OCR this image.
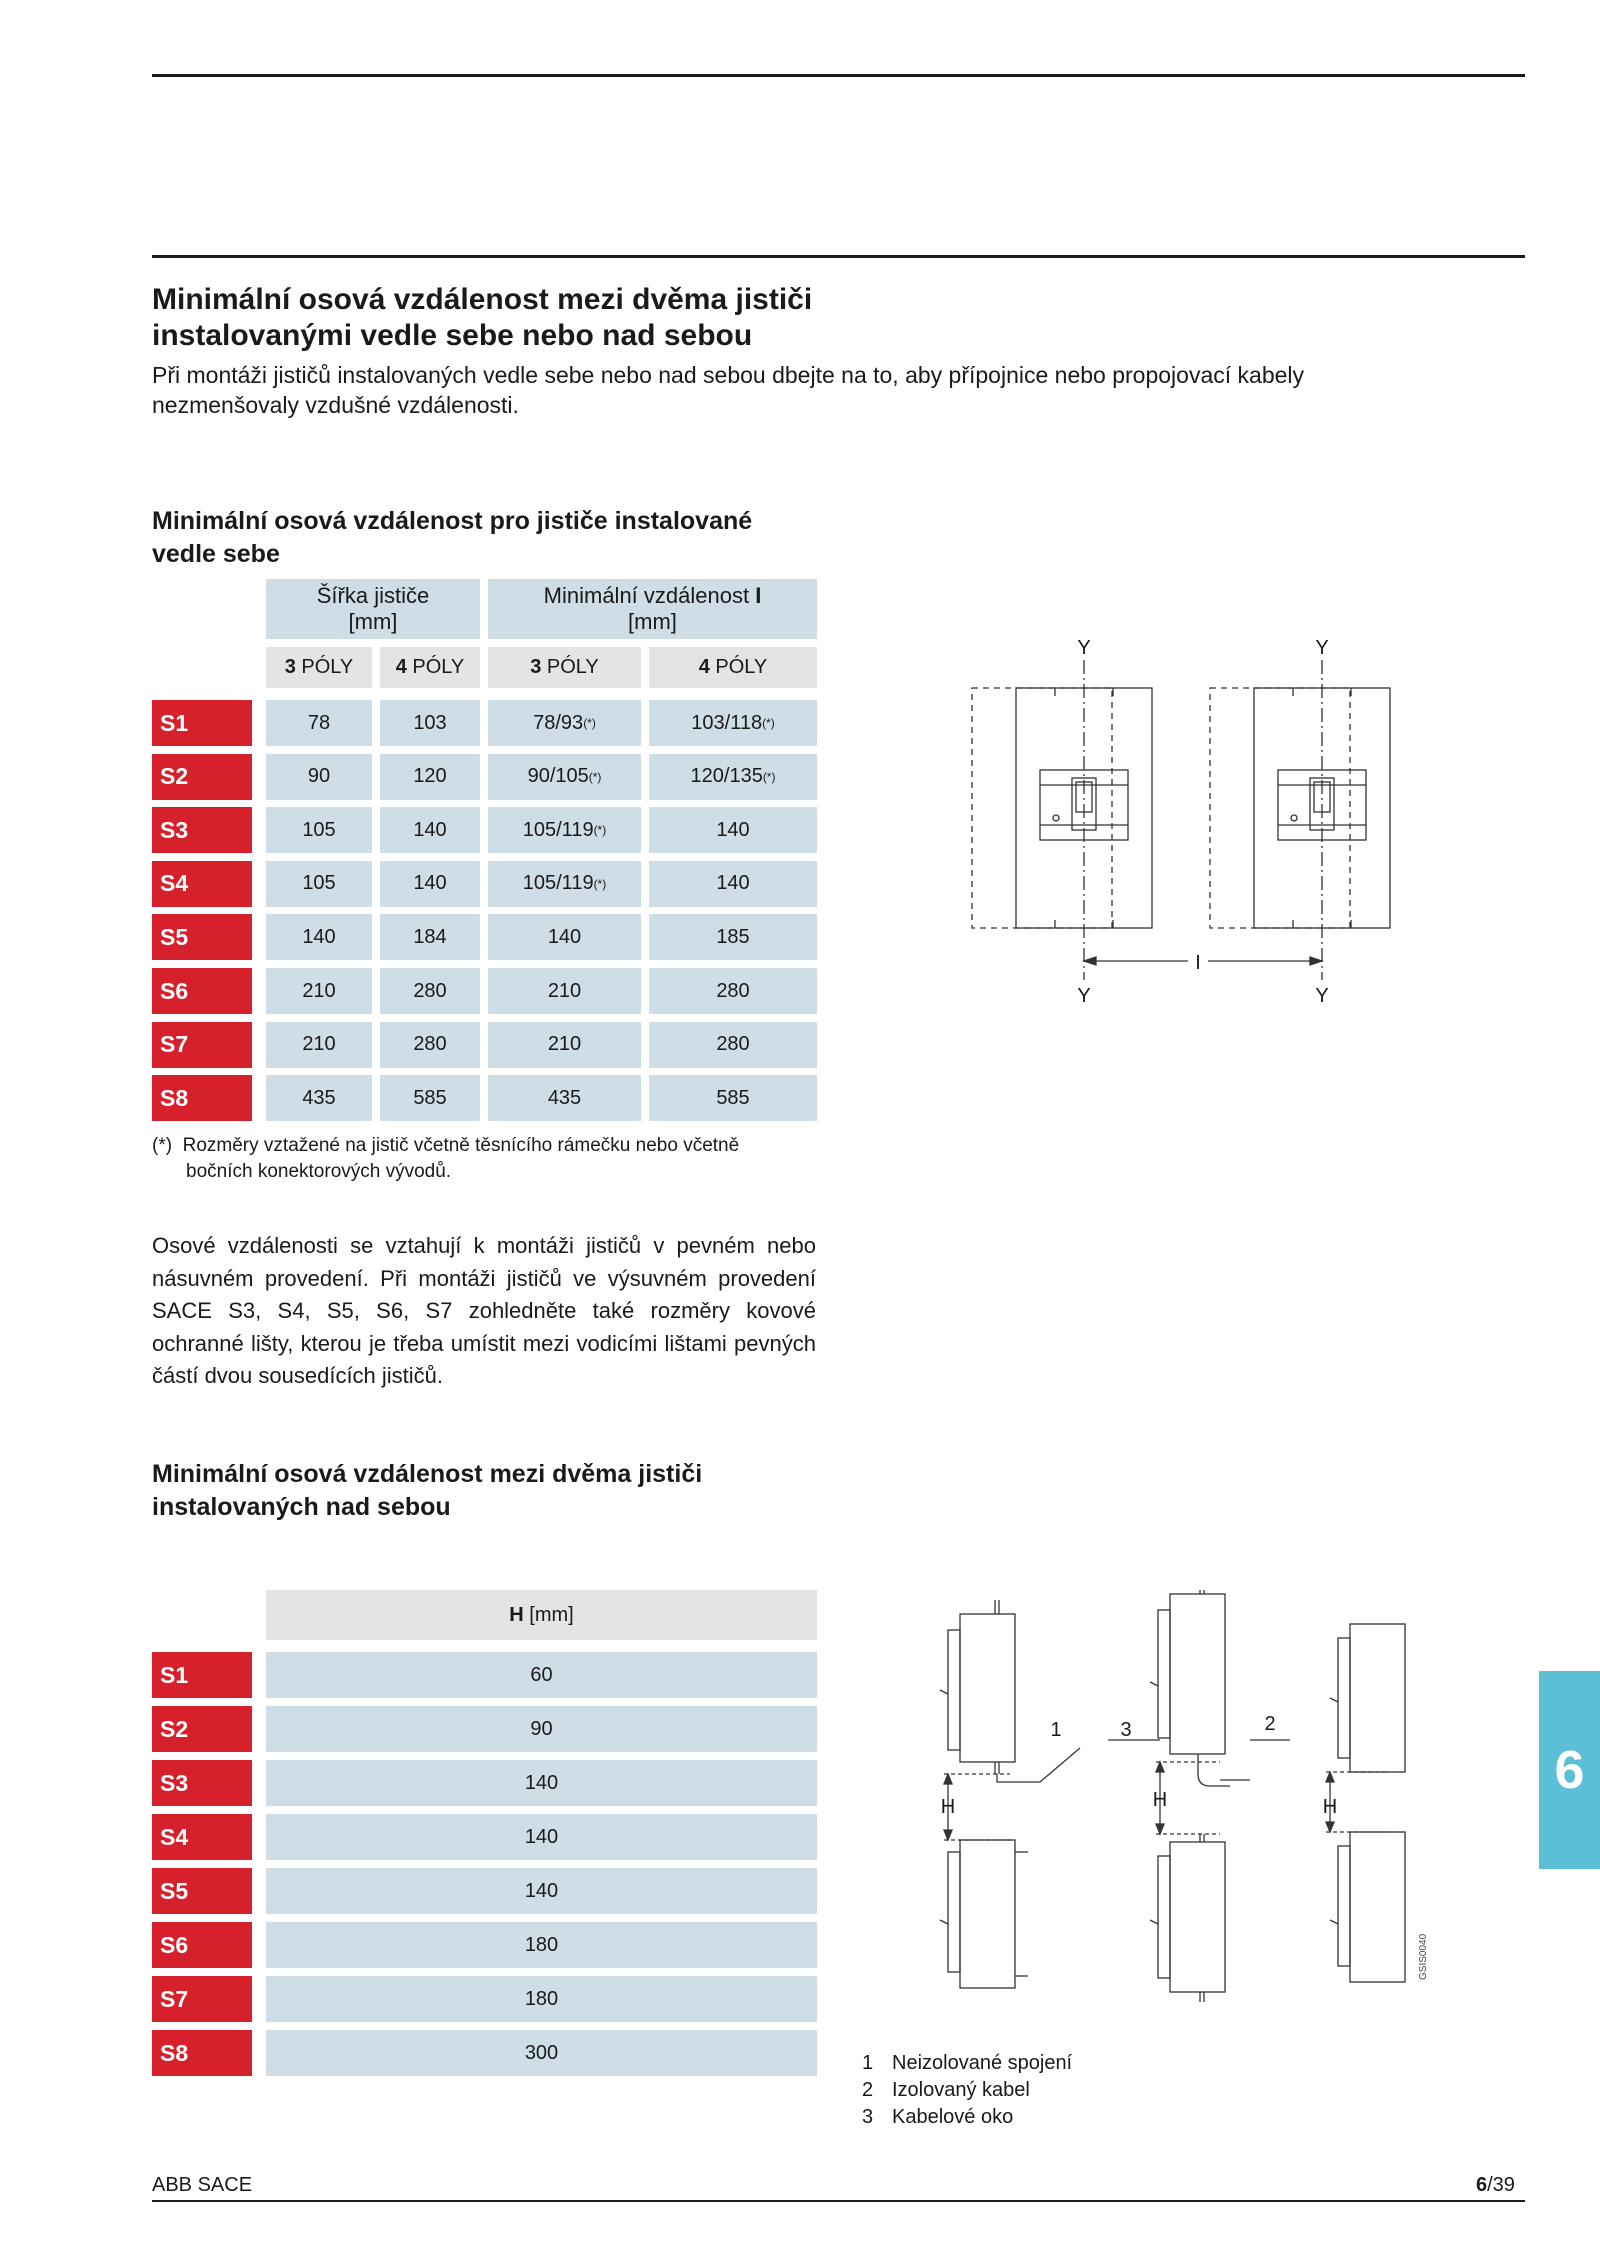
Minimální osová vzdálenost mezi dvěma jističi
instalovanými vedle sebe nebo nad sebou
Při montáži jističů instalovaných vedle sebe nebo nad sebou dbejte na to, aby přípojnice nebo propojovací kabely
nezmenšovaly vzdušné vzdálenosti.
Minimální osová vzdálenost pro jističe instalované
vedle sebe
Šířka jističe
[mm]
Minimální vzdálenost I
[mm]
3 PÓLY 4 PÓLY	3 PÓLY	4 PÓLY
S1	78	103	78/93 (*)	103/118 (*)
S2	90	120	90/105 (*)	120/135 (*)
S3	105	140	105/119 (*)	140
S4	105	140	105/119 (*)	140
S5	140	184	140	185
S6	210	280	210	280
S7	210	280	210	280
S8	435	585	435	585
(*) Rozměry vztažené na jistič včetně těsnícího rámečku nebo včetně
bočních konektorových vývodů.
Osové vzdálenosti se vztahují k montáži jističů v pevném nebo násuvném provedení. Při montáži jističů ve výsuvném provedení SACE S3, S4, S5, S6, S7 zohledněte také rozměry kovové ochranné lišty, kterou je třeba umístit mezi vodicími lištami pevných částí dvou sousedících jističů.
Y	Y
Y	Y
I
Minimální osová vzdálenost mezi dvěma jističi
instalovaných nad sebou
H [mm]
S1	60
S2	90
S3	140
S4	140
S5	140
S6	180
S7	180
S8	300
H	H	H
1	2
3
GSIS0040
1 Neizolované spojení
2 Izolovaný kabel
3 Kabelové oko
6
ABB SACE	6/39
